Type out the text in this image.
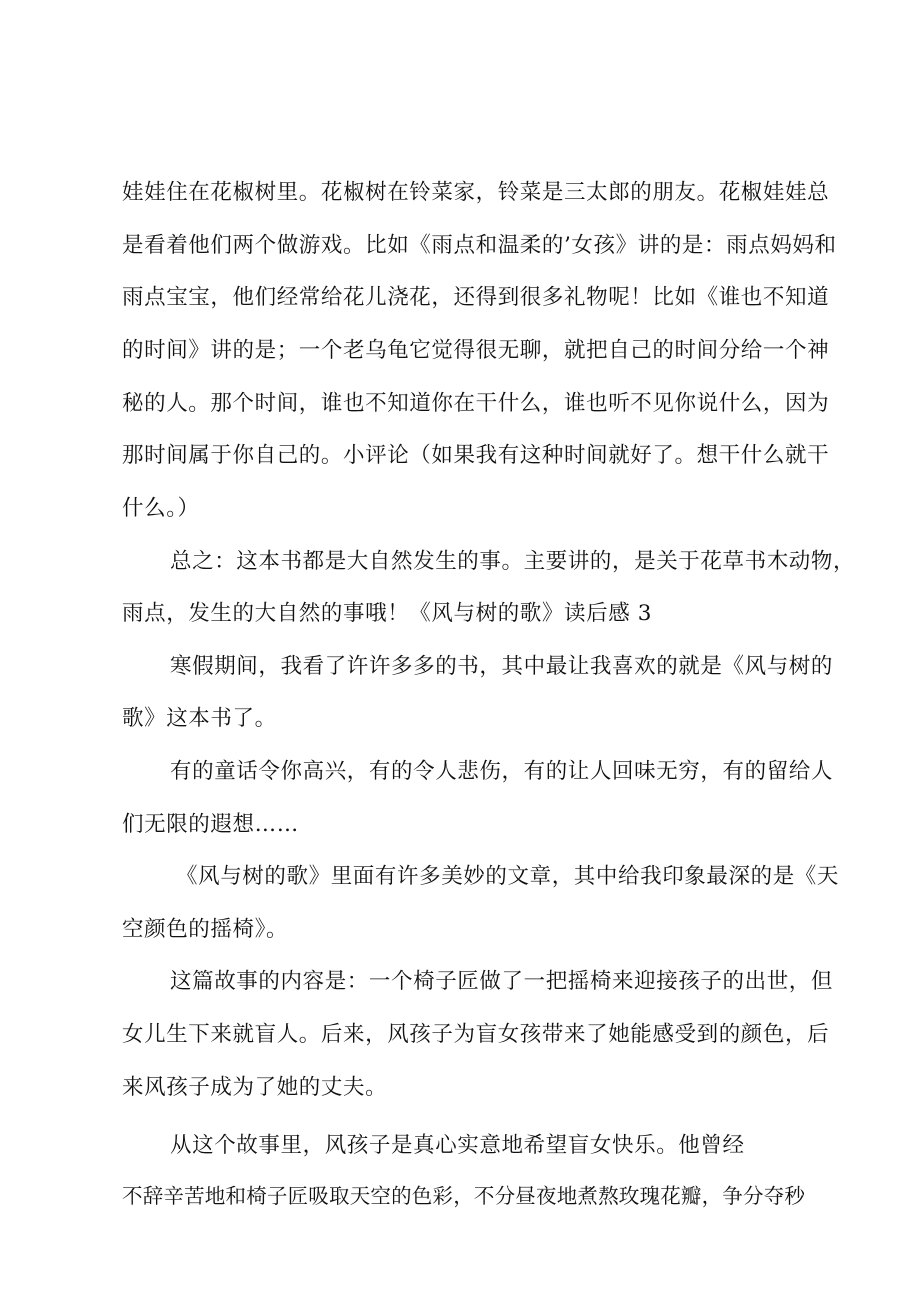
娃娃住在花椒树里。花椒树在铃菜家，铃菜是三太郎的朋友。花椒娃娃总

是看着他们两个做游戏。比如《雨点和温柔的’女孩》讲的是：雨点妈妈和

雨点宝宝，他们经常给花儿浇花，还得到很多礼物呢！比如《谁也不知道

的时间》讲的是；一个老乌龟它觉得很无聊，就把自己的时间分给一个神

秘的人。那个时间，谁也不知道你在干什么，谁也听不见你说什么，因为

那时间属于你自己的。小评论（如果我有这种时间就好了。想干什么就干

什么。）

总之：这本书都是大自然发生的事。主要讲的，是关于花草书木动物，

雨点，发生的大自然的事哦！《风与树的歌》读后感 3

寒假期间，我看了许许多多的书，其中最让我喜欢的就是《风与树的

歌》这本书了。

有的童话令你高兴，有的令人悲伤，有的让人回味无穷，有的留给人

们无限的遐想……

《风与树的歌》里面有许多美妙的文章，其中给我印象最深的是《天

空颜色的摇椅》。

这篇故事的内容是：一个椅子匠做了一把摇椅来迎接孩子的出世，但

女儿生下来就盲人。后来，风孩子为盲女孩带来了她能感受到的颜色，后

来风孩子成为了她的丈夫。

从这个故事里，风孩子是真心实意地希望盲女快乐。他曾经

不辞辛苦地和椅子匠吸取天空的色彩，不分昼夜地煮熬玫瑰花瓣，争分夺秒
